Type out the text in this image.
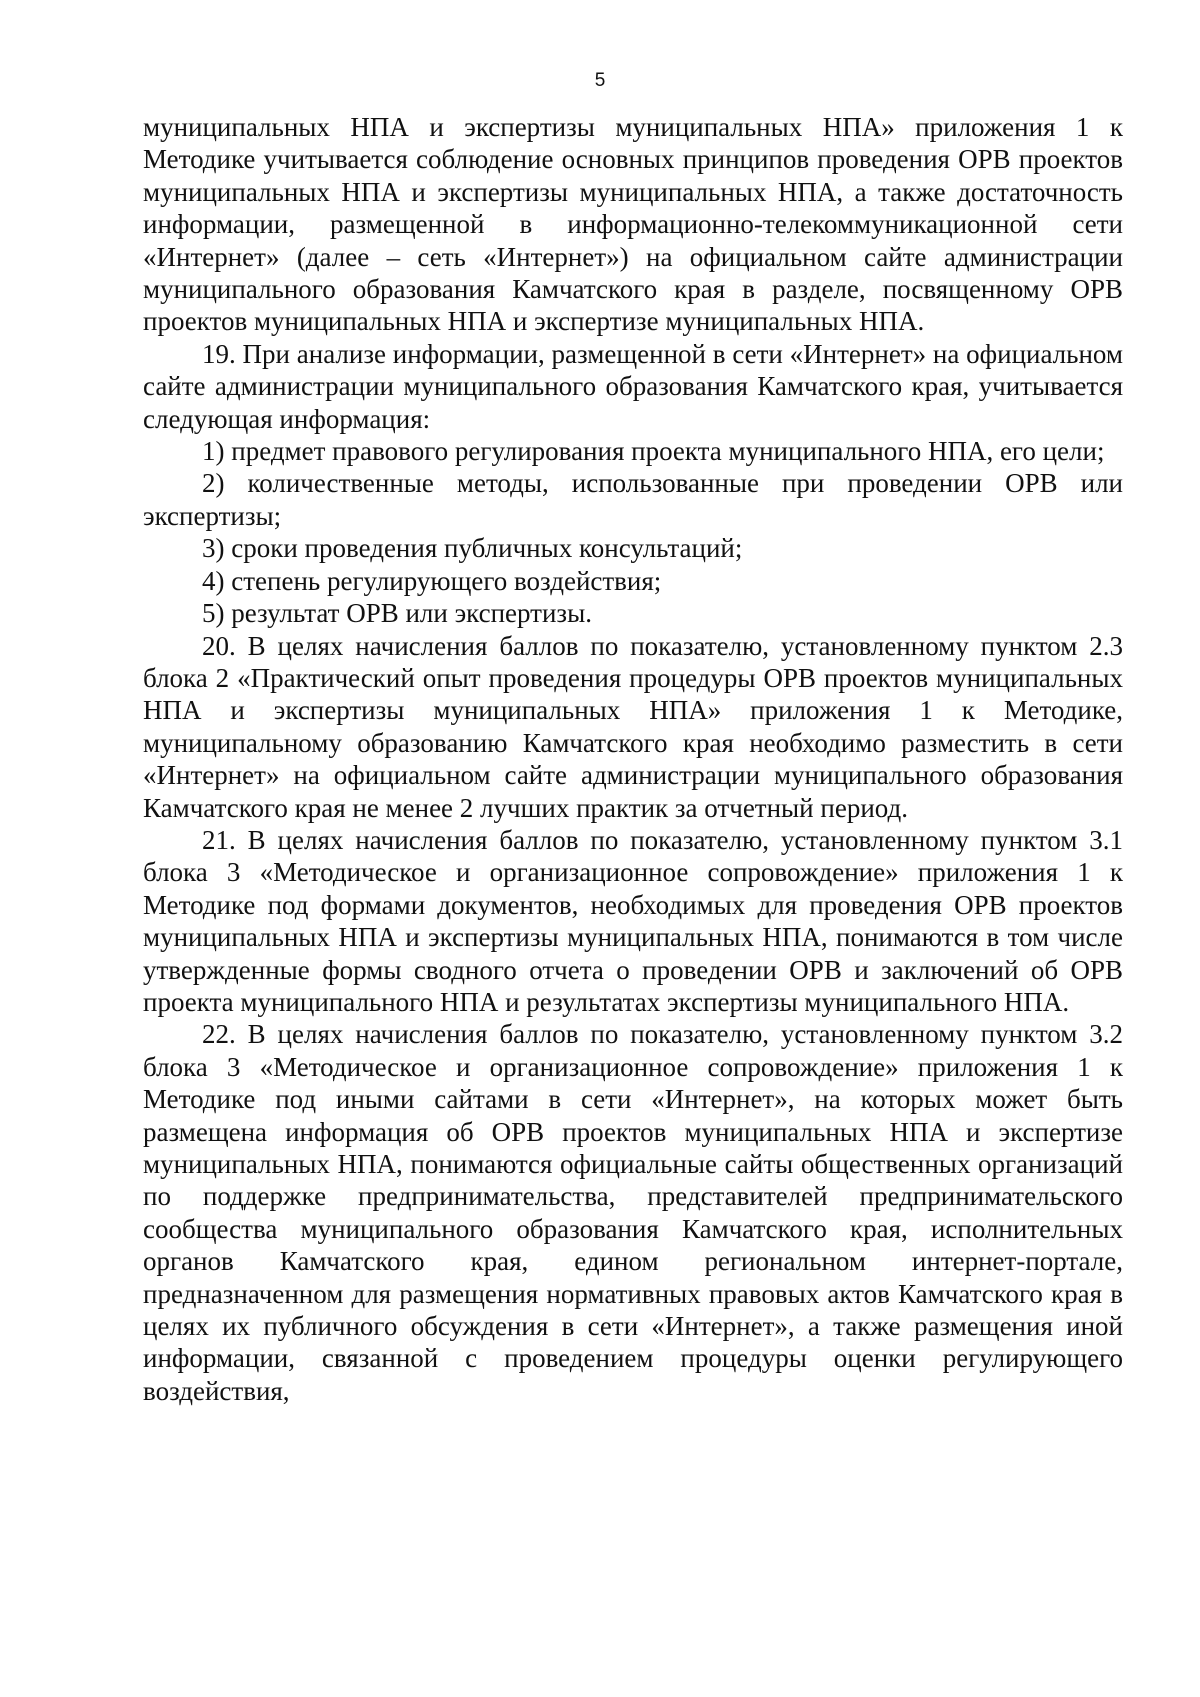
5

муниципальных НПА и экспертизы муниципальных НПА» приложения 1 к Методике учитывается соблюдение основных принципов проведения ОРВ проектов муниципальных НПА и экспертизы муниципальных НПА, а также достаточность информации, размещенной в информационно-телекоммуникационной сети «Интернет» (далее – сеть «Интернет») на официальном сайте администрации муниципального образования Камчатского края в разделе, посвященному ОРВ проектов муниципальных НПА и экспертизе муниципальных НПА.

19. При анализе информации, размещенной в сети «Интернет» на официальном сайте администрации муниципального образования Камчатского края, учитывается следующая информация:

1) предмет правового регулирования проекта муниципального НПА, его цели;

2) количественные методы, использованные при проведении ОРВ или экспертизы;

3) сроки проведения публичных консультаций;

4) степень регулирующего воздействия;

5) результат ОРВ или экспертизы.

20. В целях начисления баллов по показателю, установленному пунктом 2.3 блока 2 «Практический опыт проведения процедуры ОРВ проектов муниципальных НПА и экспертизы муниципальных НПА» приложения 1 к Методике, муниципальному образованию Камчатского края необходимо разместить в сети «Интернет» на официальном сайте администрации муниципального образования Камчатского края не менее 2 лучших практик за отчетный период.

21. В целях начисления баллов по показателю, установленному пунктом 3.1 блока 3 «Методическое и организационное сопровождение» приложения 1 к Методике под формами документов, необходимых для проведения ОРВ проектов муниципальных НПА и экспертизы муниципальных НПА, понимаются в том числе утвержденные формы сводного отчета о проведении ОРВ и заключений об ОРВ проекта муниципального НПА и результатах экспертизы муниципального НПА.

22. В целях начисления баллов по показателю, установленному пунктом 3.2 блока 3 «Методическое и организационное сопровождение» приложения 1 к Методике под иными сайтами в сети «Интернет», на которых может быть размещена информация об ОРВ проектов муниципальных НПА и экспертизе муниципальных НПА, понимаются официальные сайты общественных организаций по поддержке предпринимательства, представителей предпринимательского сообщества муниципального образования Камчатского края, исполнительных органов Камчатского края, едином региональном интернет-портале, предназначенном для размещения нормативных правовых актов Камчатского края в целях их публичного обсуждения в сети «Интернет», а также размещения иной информации, связанной с проведением процедуры оценки регулирующего воздействия,
